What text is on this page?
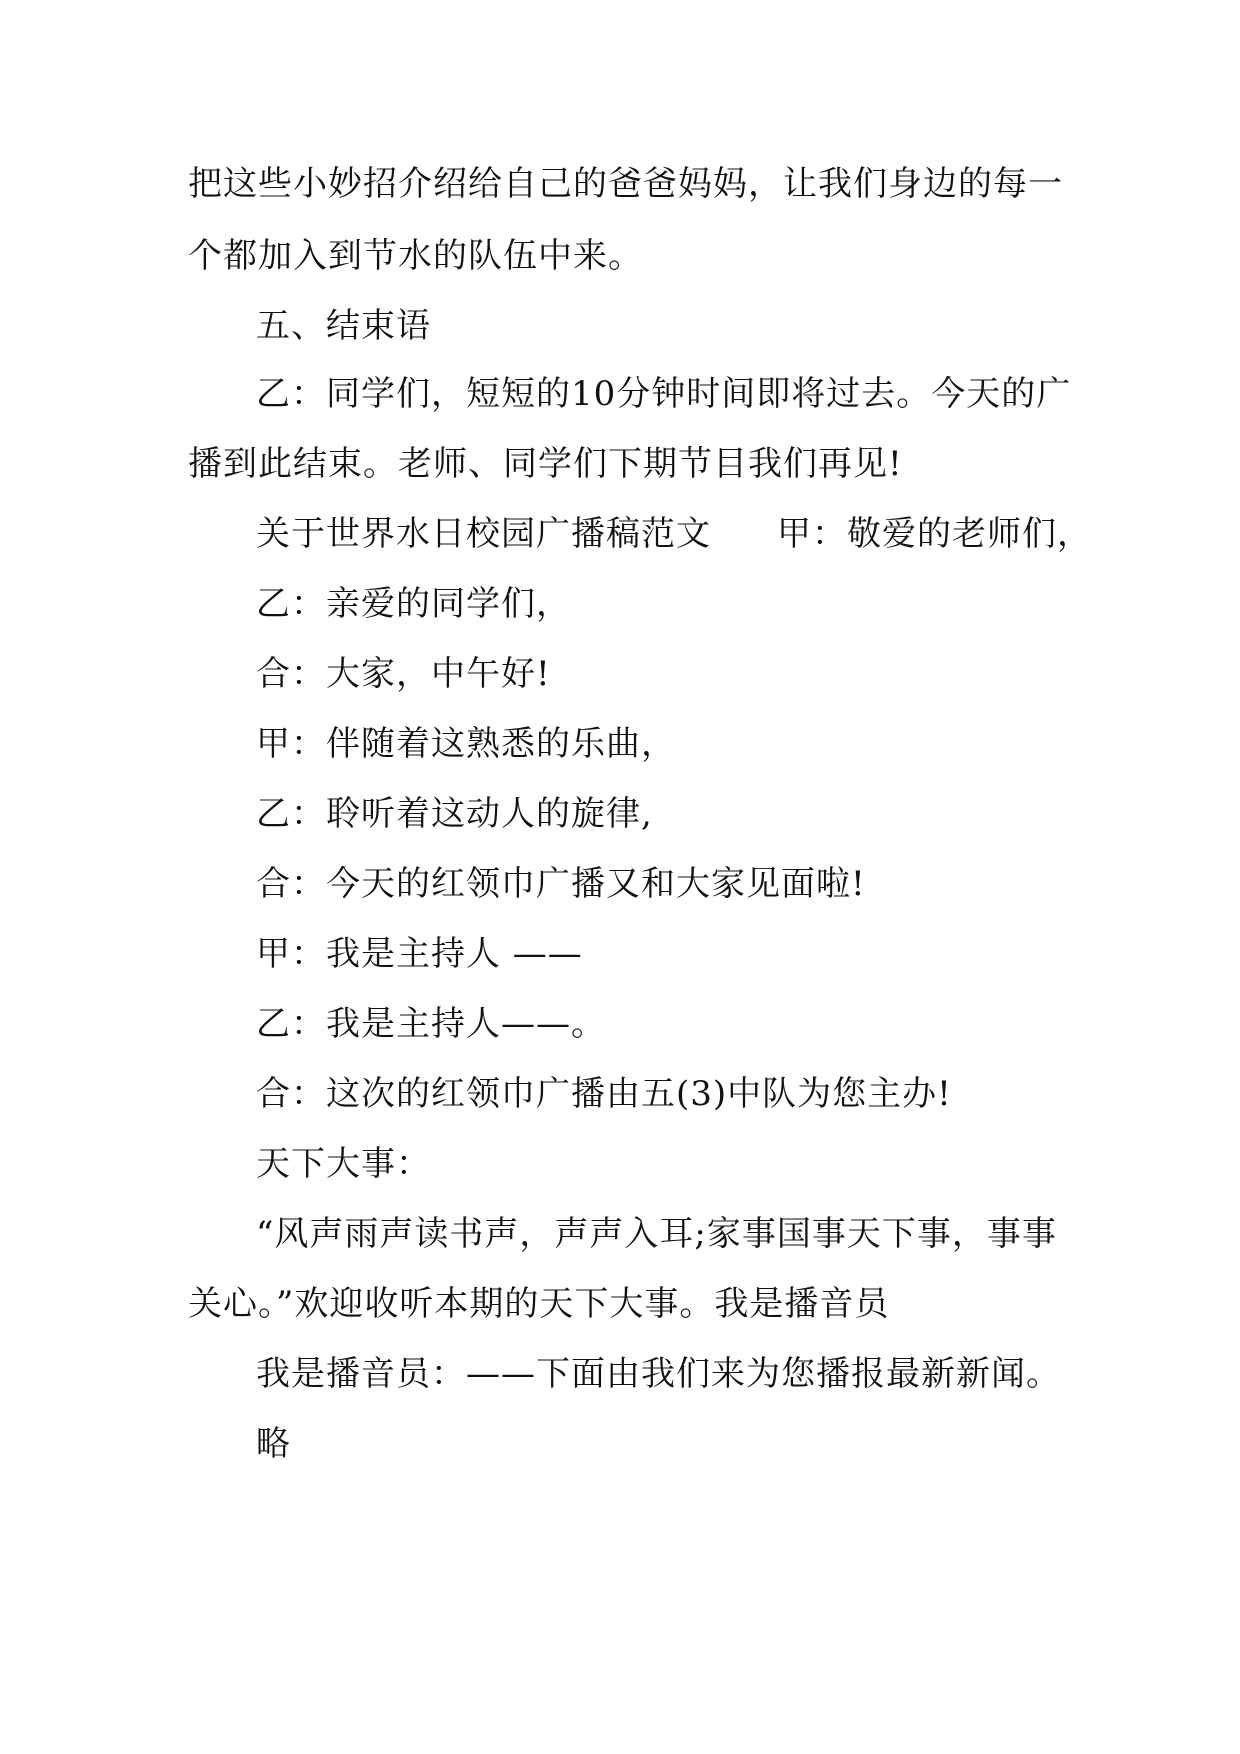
把这些小妙招介绍给自己的爸爸妈妈，让我们身边的每一
个都加入到节水的队伍中来。
五、结束语
乙：同学们，短短的10分钟时间即将过去。今天的广
播到此结束。老师、同学们下期节目我们再见!
关于世界水日校园广播稿范文 甲：敬爱的老师们，
乙：亲爱的同学们，
合：大家，中午好!
甲：伴随着这熟悉的乐曲，
乙：聆听着这动人的旋律,
合：今天的红领巾广播又和大家见面啦!
甲：我是主持人 ——
乙：我是主持人——。
合：这次的红领巾广播由五(3)中队为您主办!
天下大事：
“风声雨声读书声，声声入耳;家事国事天下事，事事
关心。”欢迎收听本期的天下大事。我是播音员
我是播音员：——下面由我们来为您播报最新新闻。
略
